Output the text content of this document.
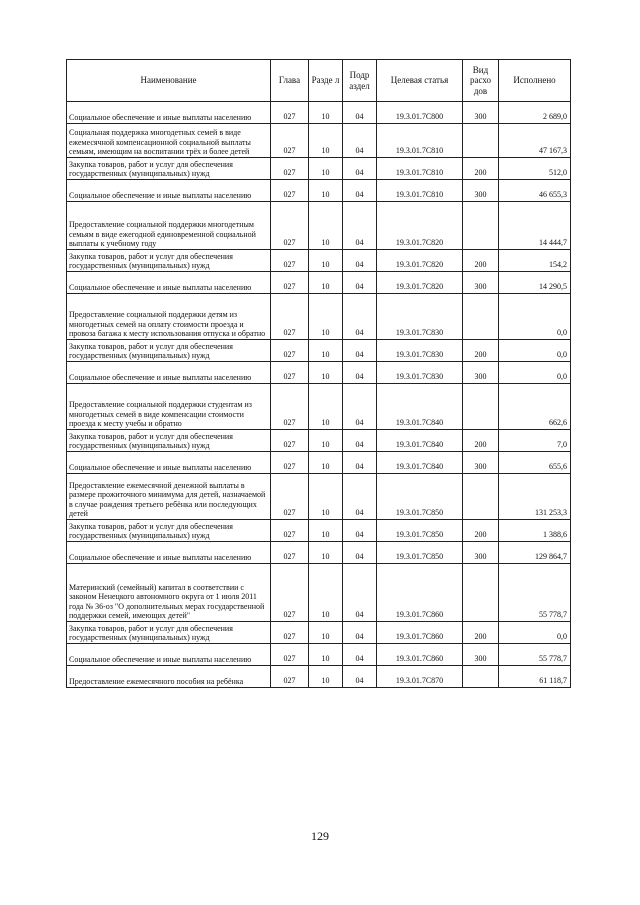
Наименование	Глава	Разде л	Подр аздел	Целевая статья	Вид расхо дов	Исполнено
Социальное обеспечение и иные выплаты населению	027	10	04	19.3.01.7С800	300	2 689,0
Социальная поддержка многодетных семей в виде ежемесячной компенсационной социальной выплаты семьям, имеющим на воспитании трёх и более детей	027	10	04	19.3.01.7С810		47 167,3
Закупка товаров, работ и услуг для обеспечения государственных (муниципальных) нужд	027	10	04	19.3.01.7С810	200	512,0
Социальное обеспечение и иные выплаты населению	027	10	04	19.3.01.7С810	300	46 655,3
Предоставление социальной поддержки многодетным семьям в виде ежегодной единовременной социальной выплаты к учебному году	027	10	04	19.3.01.7С820		14 444,7
Закупка товаров, работ и услуг для обеспечения государственных (муниципальных) нужд	027	10	04	19.3.01.7С820	200	154,2
Социальное обеспечение и иные выплаты населению	027	10	04	19.3.01.7С820	300	14 290,5
Предоставление социальной поддержки детям из многодетных семей на оплату стоимости проезда и провоза багажа к месту использования отпуска и обратно	027	10	04	19.3.01.7С830		0,0
Закупка товаров, работ и услуг для обеспечения государственных (муниципальных) нужд	027	10	04	19.3.01.7С830	200	0,0
Социальное обеспечение и иные выплаты населению	027	10	04	19.3.01.7С830	300	0,0
Предоставление социальной поддержки студентам из многодетных семей в виде компенсации стоимости проезда к месту учебы и обратно	027	10	04	19.3.01.7С840		662,6
Закупка товаров, работ и услуг для обеспечения государственных (муниципальных) нужд	027	10	04	19.3.01.7С840	200	7,0
Социальное обеспечение и иные выплаты населению	027	10	04	19.3.01.7С840	300	655,6
Предоставление ежемесячной денежной выплаты в размере прожиточного минимума для детей, назначаемой в случае рождения третьего ребёнка или последующих детей	027	10	04	19.3.01.7С850		131 253,3
Закупка товаров, работ и услуг для обеспечения государственных (муниципальных) нужд	027	10	04	19.3.01.7С850	200	1 388,6
Социальное обеспечение и иные выплаты населению	027	10	04	19.3.01.7С850	300	129 864,7
Материнский (семейный) капитал в соответствии с законом Ненецкого автономного округа от 1 июля 2011 года № 36-оз "О дополнительных мерах государственной поддержки семей, имеющих детей"	027	10	04	19.3.01.7С860		55 778,7
Закупка товаров, работ и услуг для обеспечения государственных (муниципальных) нужд	027	10	04	19.3.01.7С860	200	0,0
Социальное обеспечение и иные выплаты населению	027	10	04	19.3.01.7С860	300	55 778,7
Предоставление ежемесячного пособия на ребёнка	027	10	04	19.3.01.7С870		61 118,7
129
